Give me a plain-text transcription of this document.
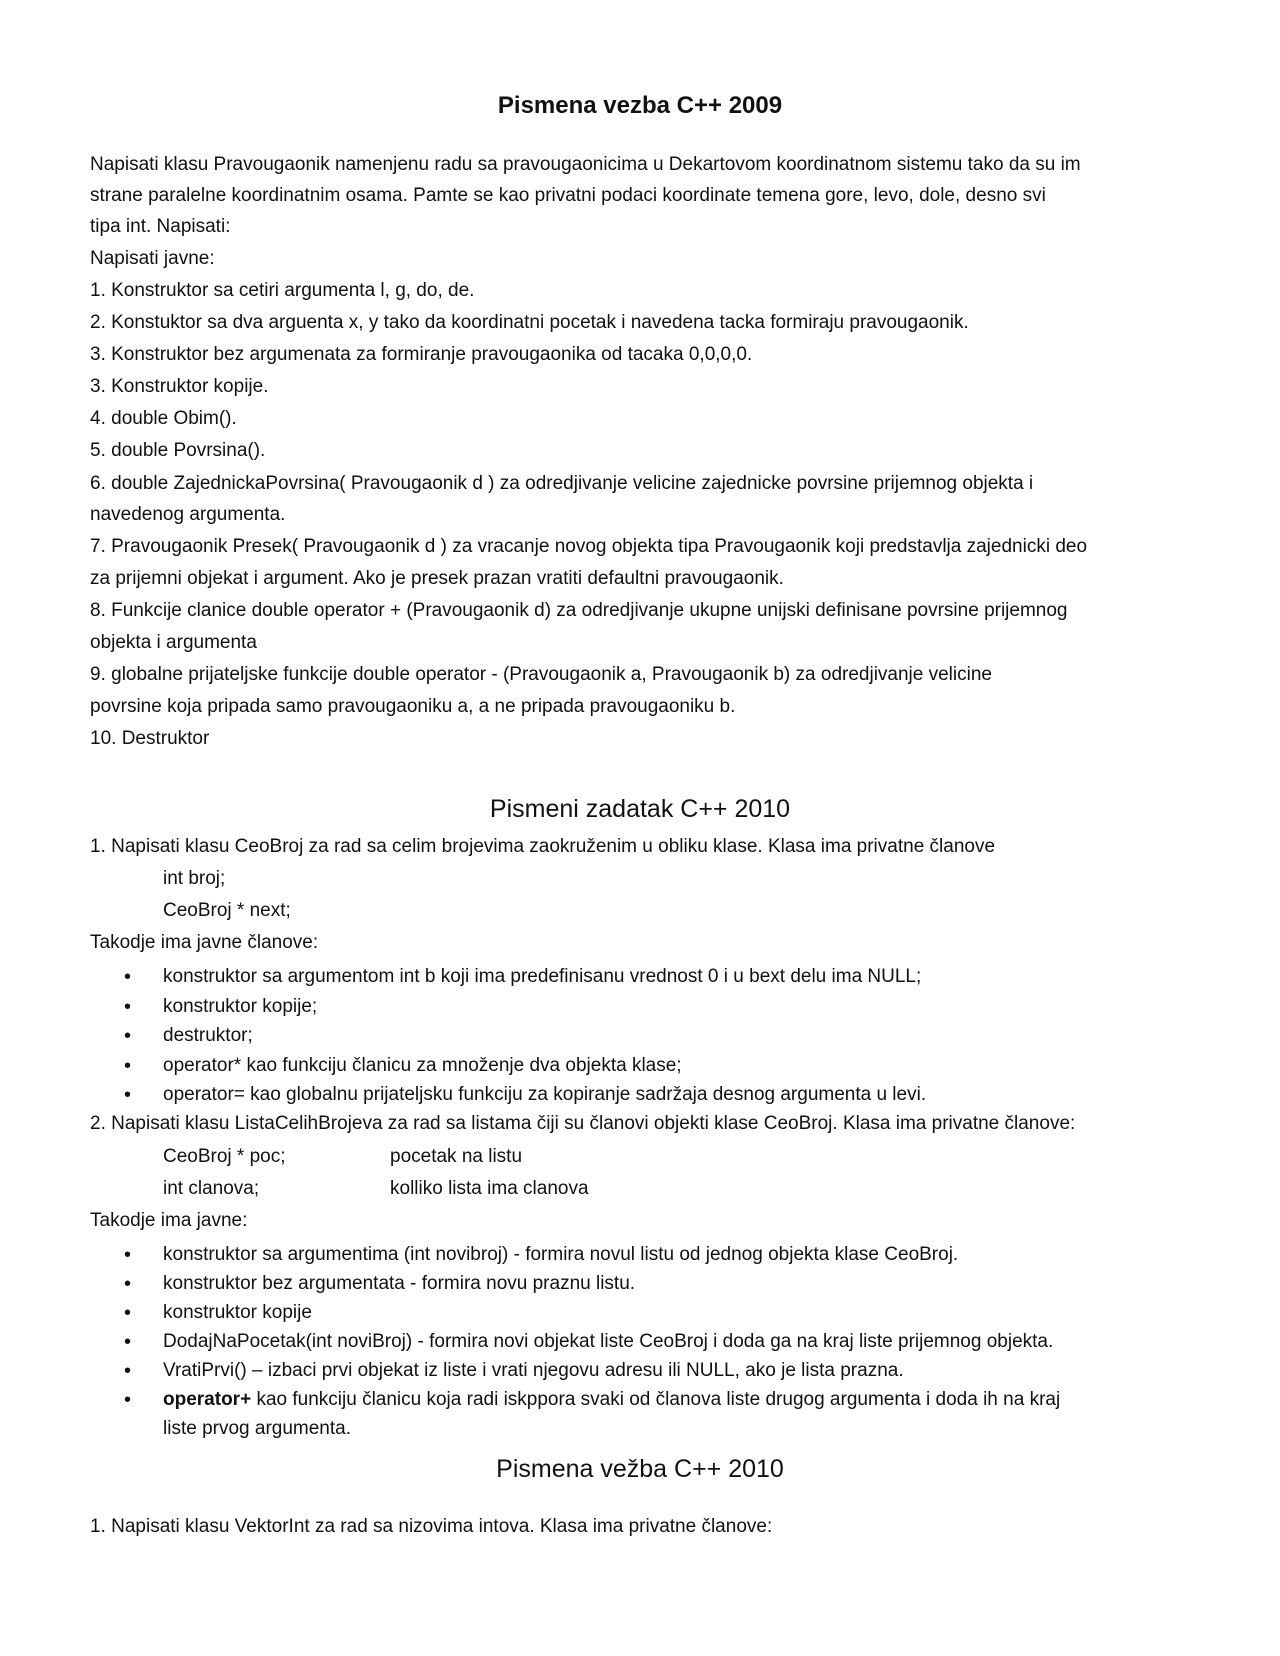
Pismena vezba C++ 2009
Napisati klasu Pravougaonik namenjenu radu sa pravougaonicima u Dekartovom koordinatnom sistemu tako da su im
strane paralelne koordinatnim osama. Pamte se kao privatni podaci koordinate temena gore, levo, dole, desno svi
tipa int. Napisati:
Napisati javne:
1. Konstruktor sa cetiri argumenta l, g, do, de.
2. Konstuktor sa dva arguenta x, y tako da koordinatni pocetak i navedena tacka formiraju pravougaonik.
3. Konstruktor bez argumenata za formiranje pravougaonika od tacaka 0,0,0,0.
3. Konstruktor kopije.
4. double Obim().
5. double Povrsina().
6. double ZajednickaPovrsina( Pravougaonik d ) za odredjivanje velicine zajednicke povrsine prijemnog objekta i
navedenog argumenta.
7. Pravougaonik Presek( Pravougaonik d ) za vracanje novog objekta tipa Pravougaonik koji predstavlja zajednicki deo
za prijemni objekat i argument. Ako je presek prazan vratiti defaultni pravougaonik.
8. Funkcije clanice double operator + (Pravougaonik d) za odredjivanje ukupne unijski definisane povrsine prijemnog
objekta i argumenta
9. globalne prijateljske funkcije double operator - (Pravougaonik a, Pravougaonik b) za odredjivanje velicine
povrsine koja pripada samo pravougaoniku a, a ne pripada pravougaoniku b.
10. Destruktor
Pismeni zadatak C++ 2010
1. Napisati klasu CeoBroj za rad sa celim brojevima zaokruženim u obliku klase. Klasa ima privatne članove
int broj;
CeoBroj * next;
Takodje ima javne članove:
• konstruktor sa argumentom int b koji ima predefinisanu vrednost 0 i u bext delu ima NULL;
• konstruktor kopije;
• destruktor;
• operator* kao funkciju članicu za množenje dva objekta klase;
• operator= kao globalnu prijateljsku funkciju za kopiranje sadržaja desnog argumenta u levi.
2. Napisati klasu ListaCelihBrojeva za rad sa listama čiji su članovi objekti klase CeoBroj. Klasa ima privatne članove:
CeoBroj * poc;	pocetak na listu
int clanova;	kolliko lista ima clanova
Takodje ima javne:
• konstruktor sa argumentima (int novibroj) - formira novul listu od jednog objekta klase CeoBroj.
• konstruktor bez argumentata - formira novu praznu listu.
• konstruktor kopije
• DodajNaPocetak(int noviBroj) - formira novi objekat liste CeoBroj i doda ga na kraj liste prijemnog objekta.
• VratiPrvi() – izbaci prvi objekat iz liste i vrati njegovu adresu ili NULL, ako je lista prazna.
• operator+ kao funkciju članicu koja radi iskppora svaki od članova liste drugog argumenta i doda ih na kraj
liste prvog argumenta.
Pismena vežba C++ 2010
1. Napisati klasu VektorInt za rad sa nizovima intova. Klasa ima privatne članove:
